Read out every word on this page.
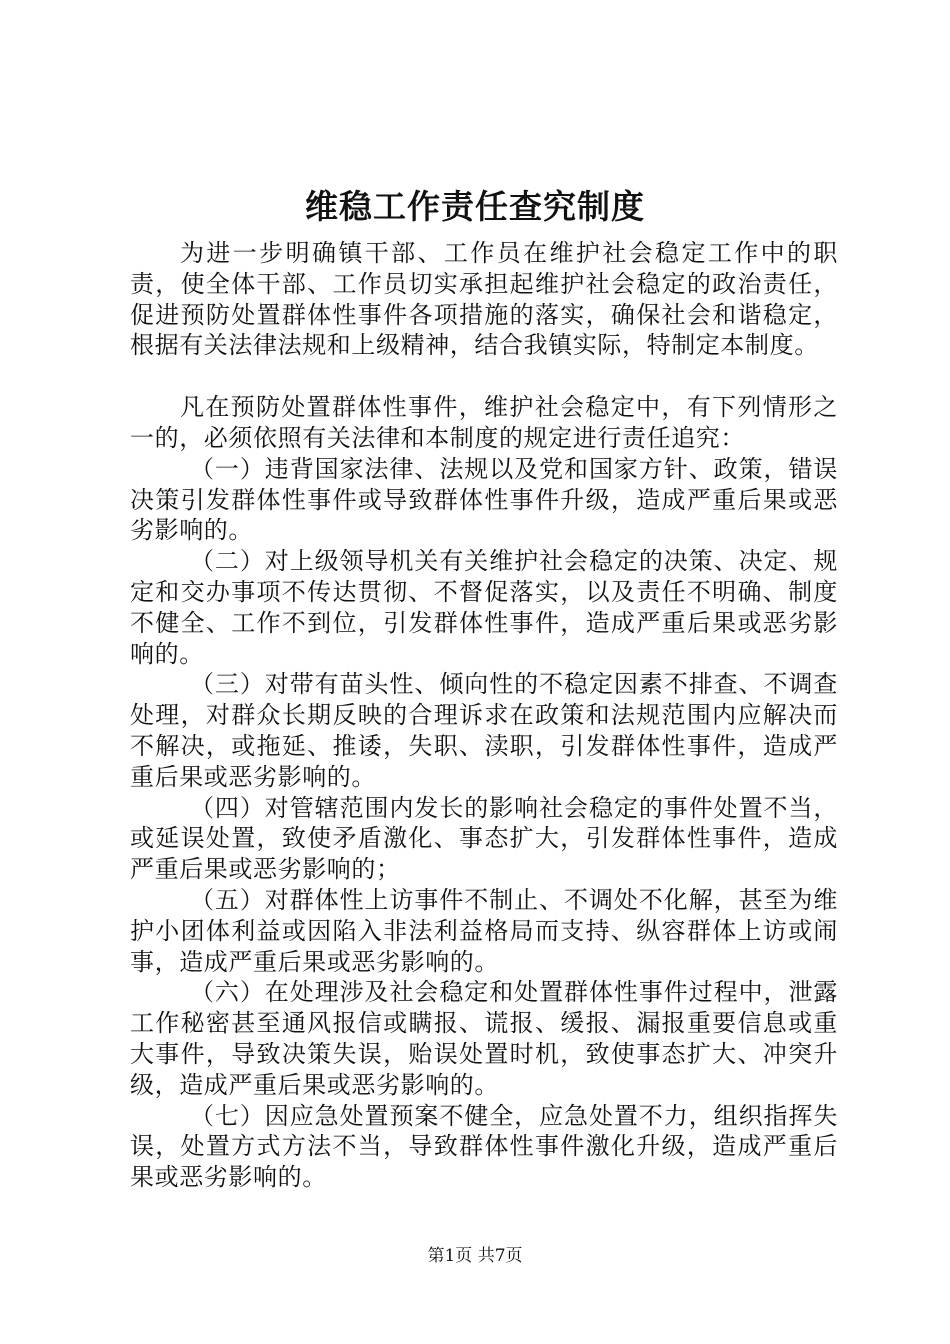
维稳工作责任查究制度

为进一步明确镇干部、工作员在维护社会稳定工作中的职责，使全体干部、工作员切实承担起维护社会稳定的政治责任，促进预防处置群体性事件各项措施的落实，确保社会和谐稳定，根据有关法律法规和上级精神，结合我镇实际，特制定本制度。

凡在预防处置群体性事件，维护社会稳定中，有下列情形之一的，必须依照有关法律和本制度的规定进行责任追究：

（一）违背国家法律、法规以及党和国家方针、政策，错误决策引发群体性事件或导致群体性事件升级，造成严重后果或恶劣影响的。

（二）对上级领导机关有关维护社会稳定的决策、决定、规定和交办事项不传达贯彻、不督促落实，以及责任不明确、制度不健全、工作不到位，引发群体性事件，造成严重后果或恶劣影响的。

（三）对带有苗头性、倾向性的不稳定因素不排查、不调查处理，对群众长期反映的合理诉求在政策和法规范围内应解决而不解决，或拖延、推诿，失职、渎职，引发群体性事件，造成严重后果或恶劣影响的。

（四）对管辖范围内发长的影响社会稳定的事件处置不当，或延误处置，致使矛盾激化、事态扩大，引发群体性事件，造成严重后果或恶劣影响的；

（五）对群体性上访事件不制止、不调处不化解，甚至为维护小团体利益或因陷入非法利益格局而支持、纵容群体上访或闹事，造成严重后果或恶劣影响的。

（六）在处理涉及社会稳定和处置群体性事件过程中，泄露工作秘密甚至通风报信或瞒报、谎报、缓报、漏报重要信息或重大事件，导致决策失误，贻误处置时机，致使事态扩大、冲突升级，造成严重后果或恶劣影响的。

（七）因应急处置预案不健全，应急处置不力，组织指挥失误，处置方式方法不当，导致群体性事件激化升级，造成严重后果或恶劣影响的。

第1页 共7页
